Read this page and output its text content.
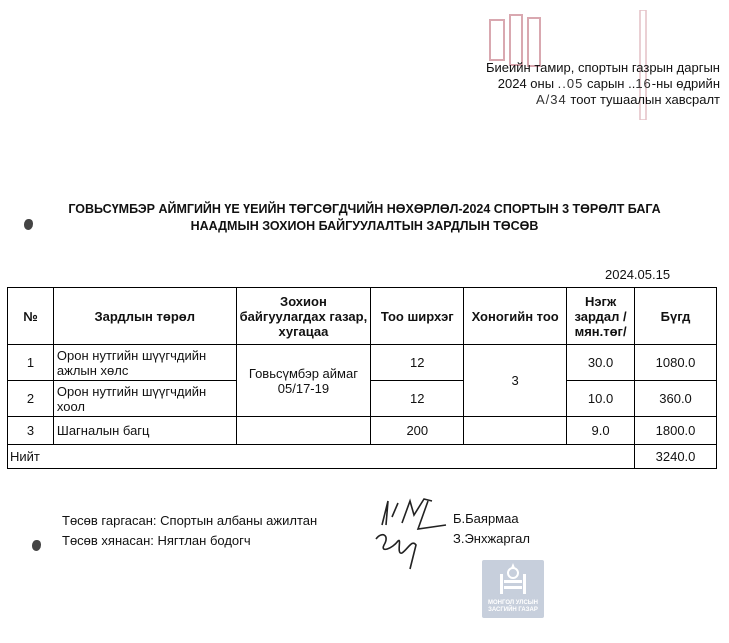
Биеийн тамир, спортын газрын даргын
2024 оны ..05 сарын ..16-ны өдрийн
А/34 тоот тушаалын хавсралт
ГОВЬСҮМБЭР АЙМГИЙН ҮЕ ҮЕИЙН ТӨГСӨГДЧИЙН НӨХӨРЛӨЛ-2024 СПОРТЫН 3 ТӨРӨЛТ БАГА
НААДМЫН ЗОХИОН БАЙГУУЛАЛТЫН ЗАРДЛЫН ТӨСӨВ
2024.05.15
№	Зардлын төрөл	Зохион байгуулагдах газар, хугацаа	Тоо ширхэг	Хоногийн тоо	Нэгж зардал /мян.төг/	Бүгд
1	Орон нутгийн шүүгчдийн ажлын хөлс	Говьсүмбэр аймаг 05/17-19	12	3	30.0	1080.0
2	Орон нутгийн шүүгчдийн хоол		12		10.0	360.0
3	Шагналын багц		200		9.0	1800.0
Нийт						3240.0
Төсөв гаргасан: Спортын албаны ажилтан
Төсөв хянасан: Нягтлан бодогч
Б.Баярмаа
З.Энхжаргал
МОНГОЛ УЛСЫН
ЗАСГИЙН ГАЗАР
